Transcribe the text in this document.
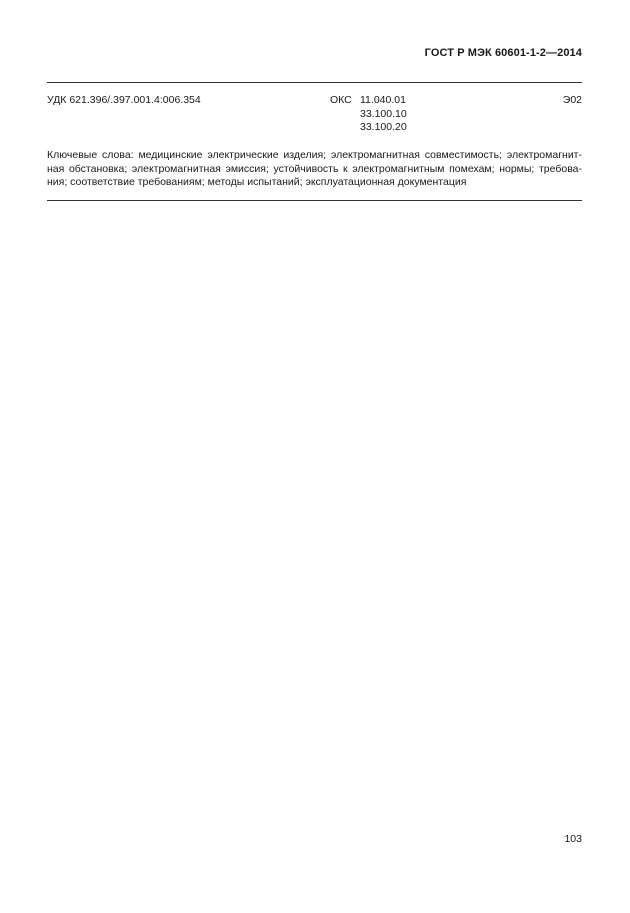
ГОСТ Р МЭК 60601-1-2—2014
УДК 621.396/.397.001.4:006.354	ОКС 11.040.01
33.100.10
33.100.20
Э02
Ключевые слова: медицинские электрические изделия; электромагнитная совместимость; электромагнит-
ная обстановка; электромагнитная эмиссия; устойчивость к электромагнитным помехам; нормы; требова-
ния; соответствие требованиям; методы испытаний; эксплуатационная документация
103
